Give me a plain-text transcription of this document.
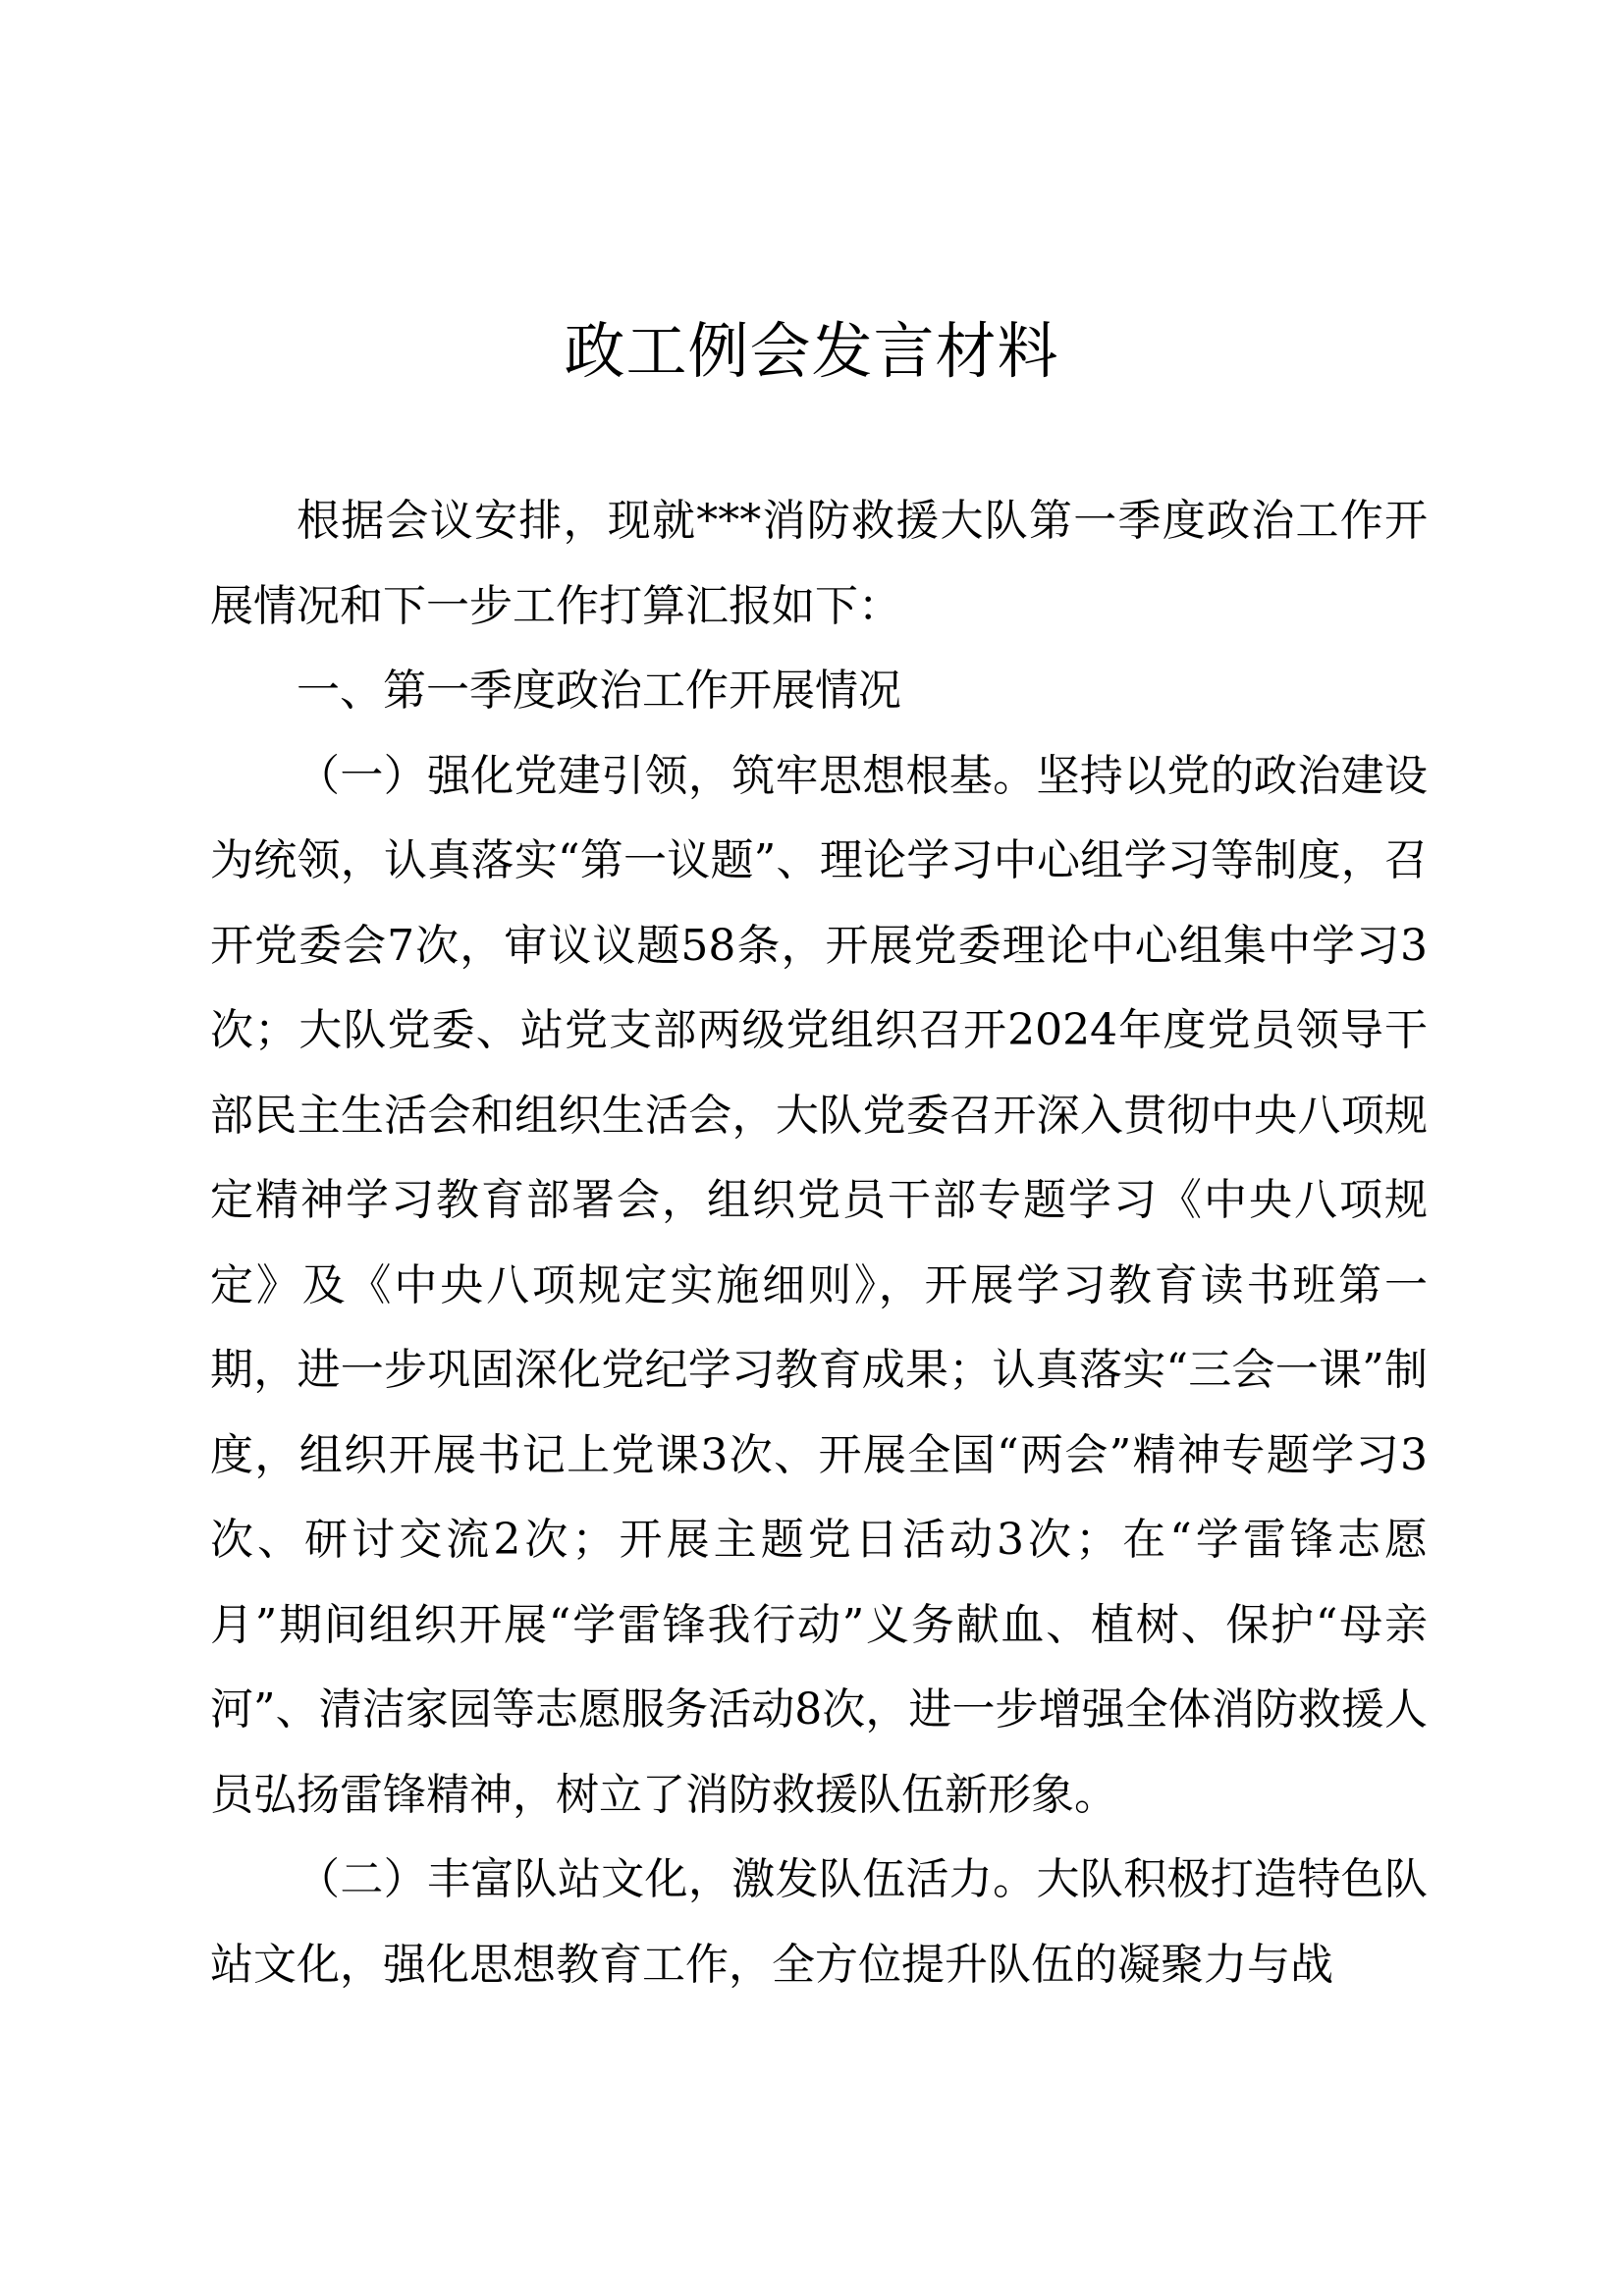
政工例会发言材料

根据会议安排，现就***消防救援大队第一季度政治工作开展情况和下一步工作打算汇报如下：

一、第一季度政治工作开展情况

（一）强化党建引领，筑牢思想根基。坚持以党的政治建设为统领，认真落实“第一议题”、理论学习中心组学习等制度，召开党委会7次，审议议题58条，开展党委理论中心组集中学习3次；大队党委、站党支部两级党组织召开2024年度党员领导干部民主生活会和组织生活会，大队党委召开深入贯彻中央八项规定精神学习教育部署会，组织党员干部专题学习《中央八项规定》及《中央八项规定实施细则》，开展学习教育读书班第一期，进一步巩固深化党纪学习教育成果；认真落实“三会一课”制度，组织开展书记上党课3次、开展全国“两会”精神专题学习3次、研讨交流2次；开展主题党日活动3次；在“学雷锋志愿月”期间组织开展“学雷锋我行动”义务献血、植树、保护“母亲河”、清洁家园等志愿服务活动8次，进一步增强全体消防救援人员弘扬雷锋精神，树立了消防救援队伍新形象。

（二）丰富队站文化，激发队伍活力。大队积极打造特色队站文化，强化思想教育工作，全方位提升队伍的凝聚力与战
